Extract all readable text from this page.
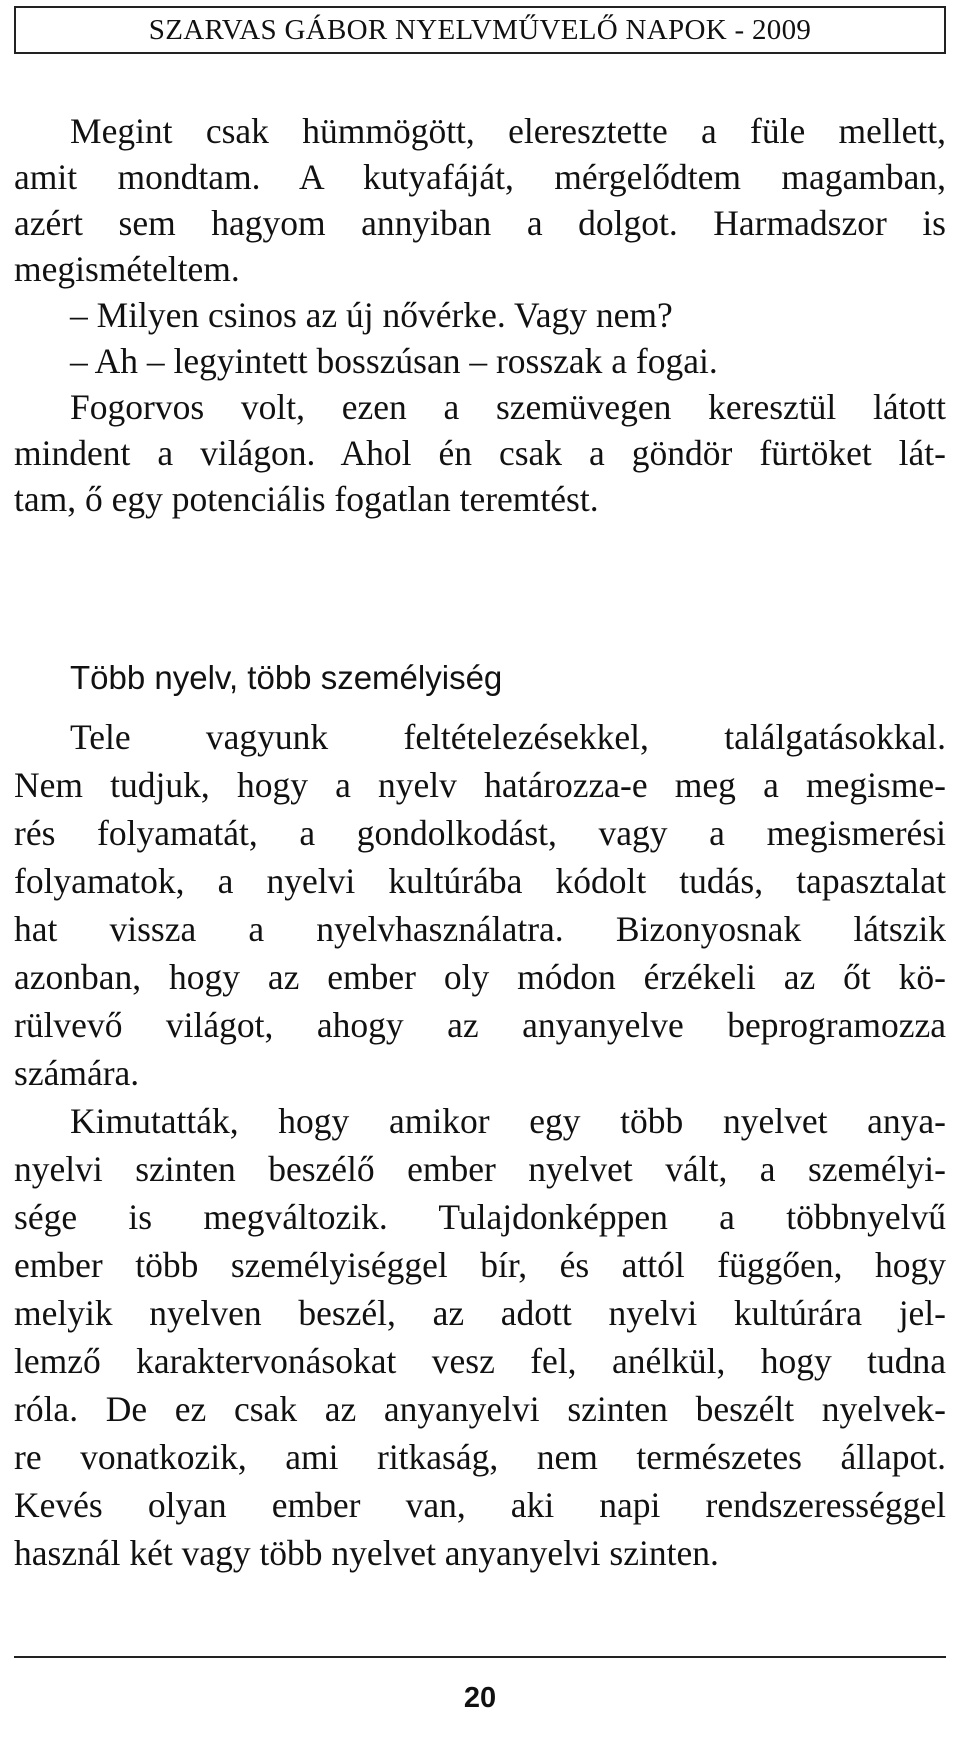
SZARVAS GÁBOR NYELVMŰVELŐ NAPOK - 2009
Megint csak hümmögött, eleresztette a füle mellett,
amit mondtam. A kutyafáját, mérgelődtem magamban,
azért sem hagyom annyiban a dolgot. Harmadszor is
megismételtem.
– Milyen csinos az új nővérke. Vagy nem?
– Ah – legyintett bosszúsan – rosszak a fogai.
Fogorvos volt, ezen a szemüvegen keresztül látott
mindent a világon. Ahol én csak a göndör fürtöket lát-
tam, ő egy potenciális fogatlan teremtést.
Több nyelv, több személyiség
Tele vagyunk feltételezésekkel, találgatásokkal.
Nem tudjuk, hogy a nyelv határozza-e meg a megisme-
rés folyamatát, a gondolkodást, vagy a megismerési
folyamatok, a nyelvi kultúrába kódolt tudás, tapasztalat
hat vissza a nyelvhasználatra. Bizonyosnak látszik
azonban, hogy az ember oly módon érzékeli az őt kö-
rülvevő világot, ahogy az anyanyelve beprogramozza
számára.
Kimutatták, hogy amikor egy több nyelvet anya-
nyelvi szinten beszélő ember nyelvet vált, a személyi-
sége is megváltozik. Tulajdonképpen a többnyelvű
ember több személyiséggel bír, és attól függően, hogy
melyik nyelven beszél, az adott nyelvi kultúrára jel-
lemző karaktervonásokat vesz fel, anélkül, hogy tudna
róla. De ez csak az anyanyelvi szinten beszélt nyelvek-
re vonatkozik, ami ritkaság, nem természetes állapot.
Kevés olyan ember van, aki napi rendszerességgel
használ két vagy több nyelvet anyanyelvi szinten.
20
